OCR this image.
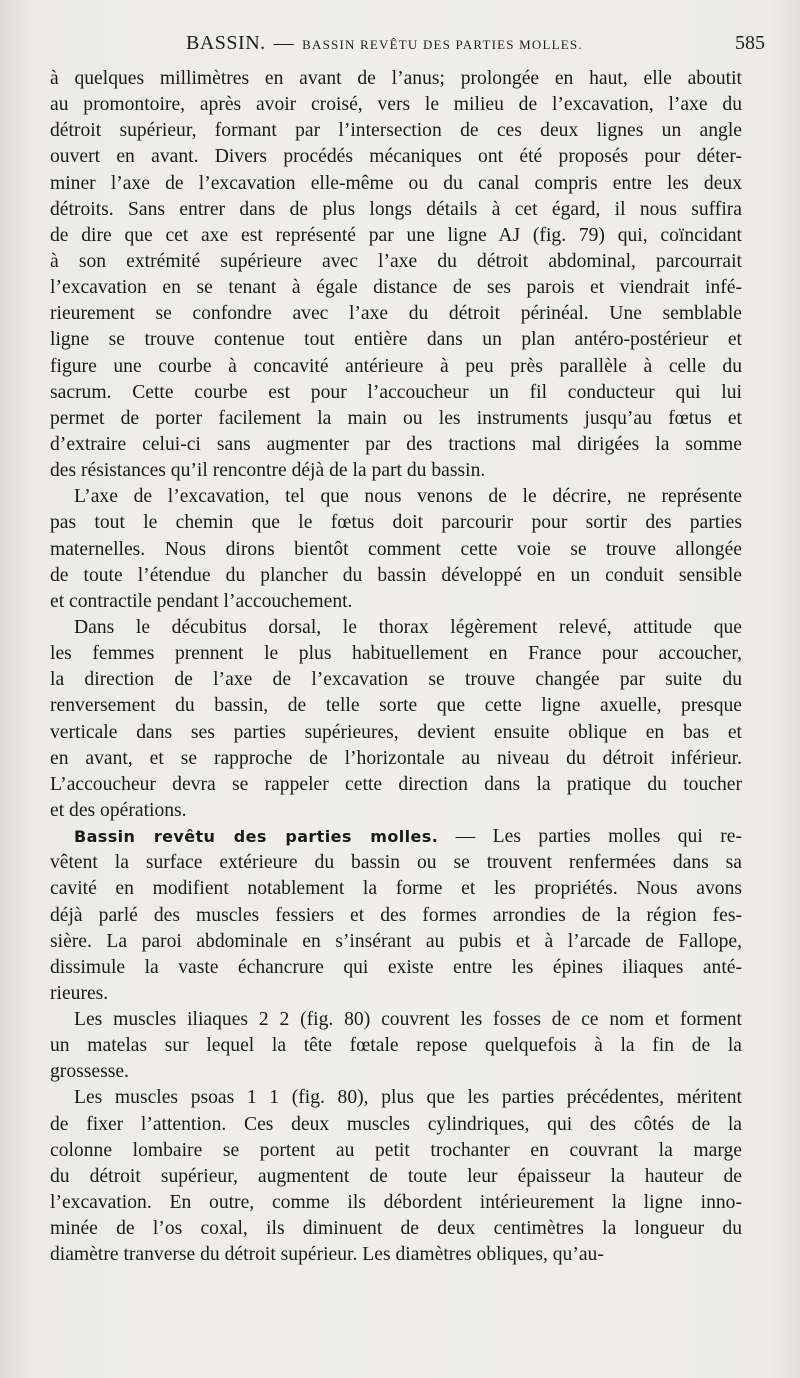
BASSIN. — BASSIN REVÊTU DES PARTIES MOLLES.	585
à quelques millimètres en avant de l’anus; prolongée en haut, elle aboutit
au promontoire, après avoir croisé, vers le milieu de l’excavation, l’axe du
détroit supérieur, formant par l’intersection de ces deux lignes un angle
ouvert en avant. Divers procédés mécaniques ont été proposés pour déter-
miner l’axe de l’excavation elle-même ou du canal compris entre les deux
détroits. Sans entrer dans de plus longs détails à cet égard, il nous suffira
de dire que cet axe est représenté par une ligne AJ (fig. 79) qui, coïncidant
à son extrémité supérieure avec l’axe du détroit abdominal, parcourrait
l’excavation en se tenant à égale distance de ses parois et viendrait infé-
rieurement se confondre avec l’axe du détroit périnéal. Une semblable
ligne se trouve contenue tout entière dans un plan antéro-postérieur et
figure une courbe à concavité antérieure à peu près parallèle à celle du
sacrum. Cette courbe est pour l’accoucheur un fil conducteur qui lui
permet de porter facilement la main ou les instruments jusqu’au fœtus et
d’extraire celui-ci sans augmenter par des tractions mal dirigées la somme
des résistances qu’il rencontre déjà de la part du bassin.
L’axe de l’excavation, tel que nous venons de le décrire, ne représente
pas tout le chemin que le fœtus doit parcourir pour sortir des parties
maternelles. Nous dirons bientôt comment cette voie se trouve allongée
de toute l’étendue du plancher du bassin développé en un conduit sensible
et contractile pendant l’accouchement.
Dans le décubitus dorsal, le thorax légèrement relevé, attitude que
les femmes prennent le plus habituellement en France pour accoucher,
la direction de l’axe de l’excavation se trouve changée par suite du
renversement du bassin, de telle sorte que cette ligne axuelle, presque
verticale dans ses parties supérieures, devient ensuite oblique en bas et
en avant, et se rapproche de l’horizontale au niveau du détroit inférieur.
L’accoucheur devra se rappeler cette direction dans la pratique du toucher
et des opérations.
Bassin revêtu des parties molles. — Les parties molles qui re-
vêtent la surface extérieure du bassin ou se trouvent renfermées dans sa
cavité en modifient notablement la forme et les propriétés. Nous avons
déjà parlé des muscles fessiers et des formes arrondies de la région fes-
sière. La paroi abdominale en s’insérant au pubis et à l’arcade de Fallope,
dissimule la vaste échancrure qui existe entre les épines iliaques anté-
rieures.
Les muscles iliaques 2 2 (fig. 80) couvrent les fosses de ce nom et forment
un matelas sur lequel la tête fœtale repose quelquefois à la fin de la
grossesse.
Les muscles psoas 1 1 (fig. 80), plus que les parties précédentes, méritent
de fixer l’attention. Ces deux muscles cylindriques, qui des côtés de la
colonne lombaire se portent au petit trochanter en couvrant la marge
du détroit supérieur, augmentent de toute leur épaisseur la hauteur de
l’excavation. En outre, comme ils débordent intérieurement la ligne inno-
minée de l’os coxal, ils diminuent de deux centimètres la longueur du
diamètre tranverse du détroit supérieur. Les diamètres obliques, qu’au-
